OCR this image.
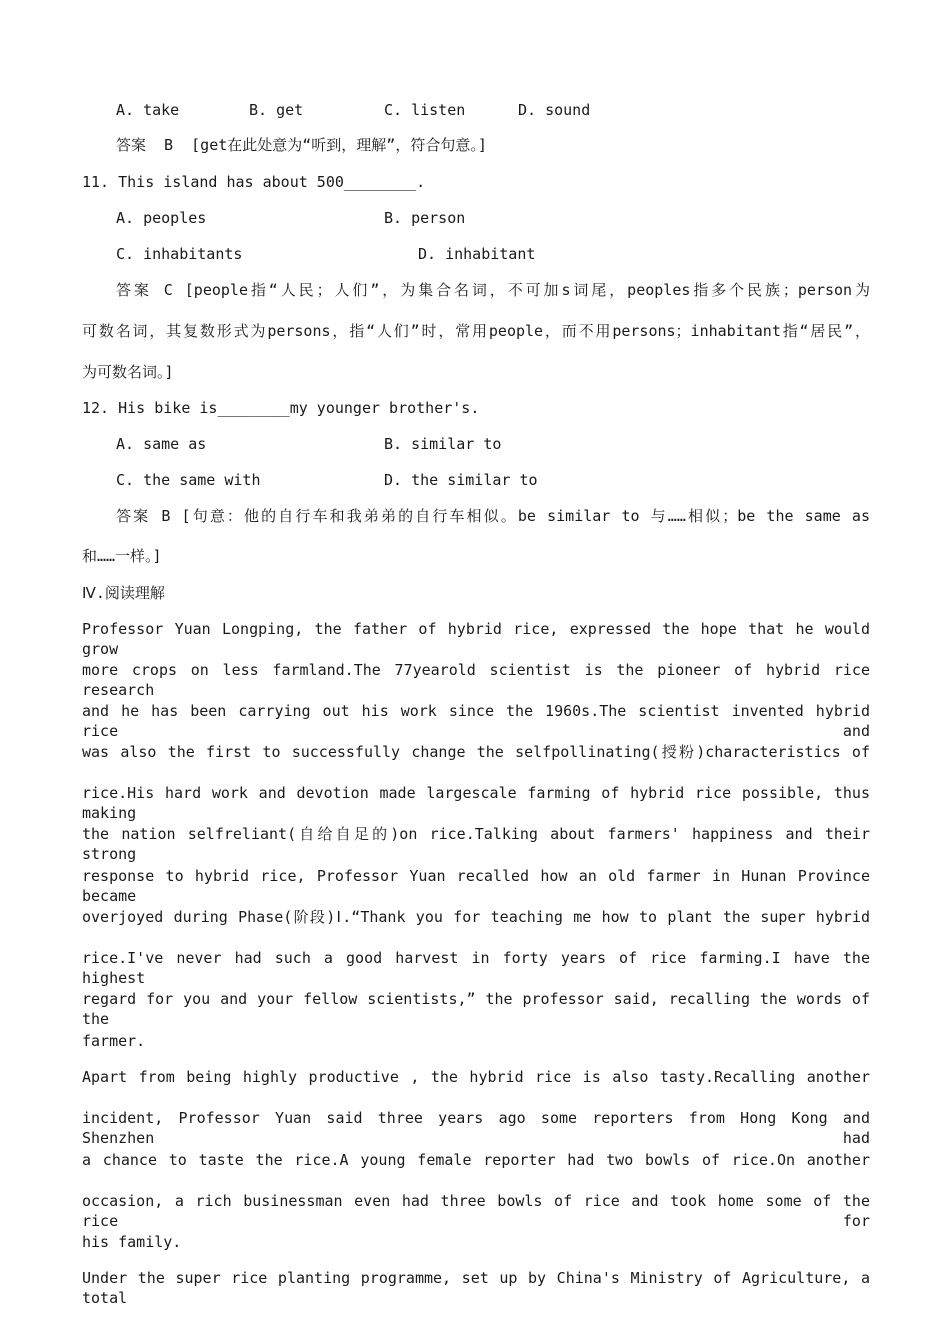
A. take	B. get	C. listen	D. sound
答案  B  [get在此处意为“听到，理解”，符合句意。]
11. This island has about 500________.
A. peoples	B. person
C. inhabitants	D. inhabitant
答案 C [people指“人民；人们”，为集合名词，不可加s词尾，peoples指多个民族；person为
可数名词，其复数形式为persons，指“人们”时，常用people，而不用persons；inhabitant指“居民”，
为可数名词。]
12. His bike is________my younger brother's.
A. same as	B. similar to
C. the same with	D. the similar to
答案 B [句意：他的自行车和我弟弟的自行车相似。be similar to 与……相似；be the same as
和……一样。]
Ⅳ.阅读理解
Professor Yuan Longping, the father of hybrid rice, expressed the hope that he would grow
more crops on less farmland.The 77yearold scientist is the pioneer of hybrid rice research
and he has been carrying out his work since the 1960s.The scientist invented hybrid rice and
was also the first to successfully change the selfpollinating(授粉)characteristics of
rice.His hard work and devotion made largescale farming of hybrid rice possible, thus making
the nation selfreliant(自给自足的)on rice.Talking about farmers' happiness and their strong
response to hybrid rice, Professor Yuan recalled how an old farmer in Hunan Province became
overjoyed during Phase(阶段)Ⅰ.“Thank you for teaching me how to plant the super hybrid
rice.I've never had such a good harvest in forty years of rice farming.I have the highest
regard for you and your fellow scientists,” the professor said, recalling the words of the
farmer.
Apart from being highly productive , the hybrid rice is also tasty.Recalling another
incident, Professor Yuan said three years ago some reporters from Hong Kong and Shenzhen had
a chance to taste the rice.A young female reporter had two bowls of rice.On another
occasion, a rich businessman even had three bowls of rice and took home some of the rice for
his family.
Under the super rice planting programme, set up by China's Ministry of Agriculture, a total
